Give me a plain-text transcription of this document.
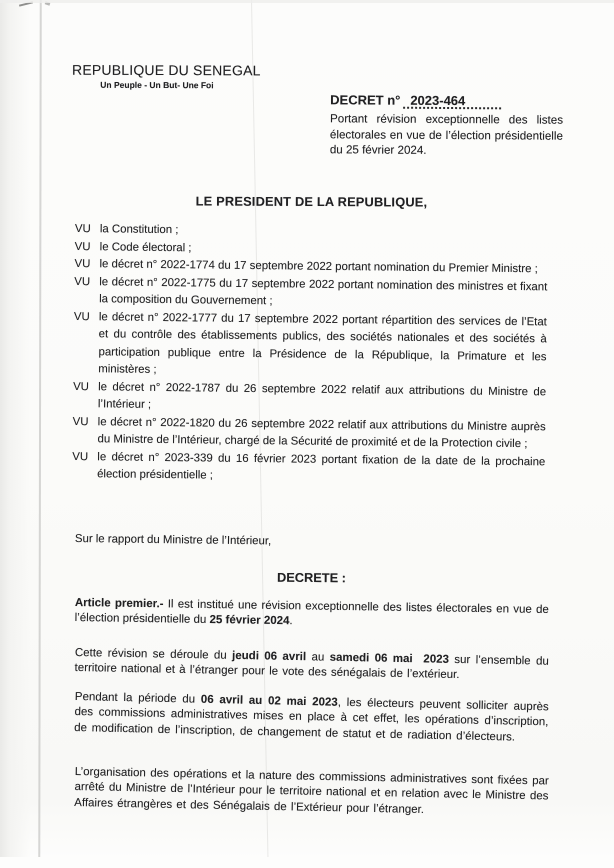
REPUBLIQUE DU SENEGAL
Un Peuple - Un But- Une Foi
DECRET n° 2023-464
Portant révision exceptionnelle des listes électorales en vue de l’élection présidentielle du 25 février 2024.
LE PRESIDENT DE LA REPUBLIQUE,
VU la Constitution ;
VU le Code électoral ;
VU le décret n° 2022-1774 du 17 septembre 2022 portant nomination du Premier Ministre ;
VU le décret n° 2022-1775 du 17 septembre 2022 portant nomination des ministres et fixant la composition du Gouvernement ;
VU le décret n° 2022-1777 du 17 septembre 2022 portant répartition des services de l’Etat et du contrôle des établissements publics, des sociétés nationales et des sociétés à participation publique entre la Présidence de la République, la Primature et les ministères ;
VU le décret n° 2022-1787 du 26 septembre 2022 relatif aux attributions du Ministre de l’Intérieur ;
VU le décret n° 2022-1820 du 26 septembre 2022 relatif aux attributions du Ministre auprès du Ministre de l’Intérieur, chargé de la Sécurité de proximité et de la Protection civile ;
VU le décret n° 2023-339 du 16 février 2023 portant fixation de la date de la prochaine élection présidentielle ;
Sur le rapport du Ministre de l’Intérieur,
DECRETE :
Article premier.- Il est institué une révision exceptionnelle des listes électorales en vue de l’élection présidentielle du 25 février 2024.
Cette révision se déroule du jeudi 06 avril au samedi 06 mai  2023 sur l’ensemble du territoire national et à l’étranger pour le vote des sénégalais de l’extérieur.
Pendant la période du 06 avril au 02 mai 2023, les électeurs peuvent solliciter auprès des commissions administratives mises en place à cet effet, les opérations d’inscription, de modification de l’inscription, de changement de statut et de radiation d’électeurs.
L’organisation des opérations et la nature des commissions administratives sont fixées par arrêté du Ministre de l’Intérieur pour le territoire national et en relation avec le Ministre des Affaires étrangères et des Sénégalais de l’Extérieur pour l’étranger.
